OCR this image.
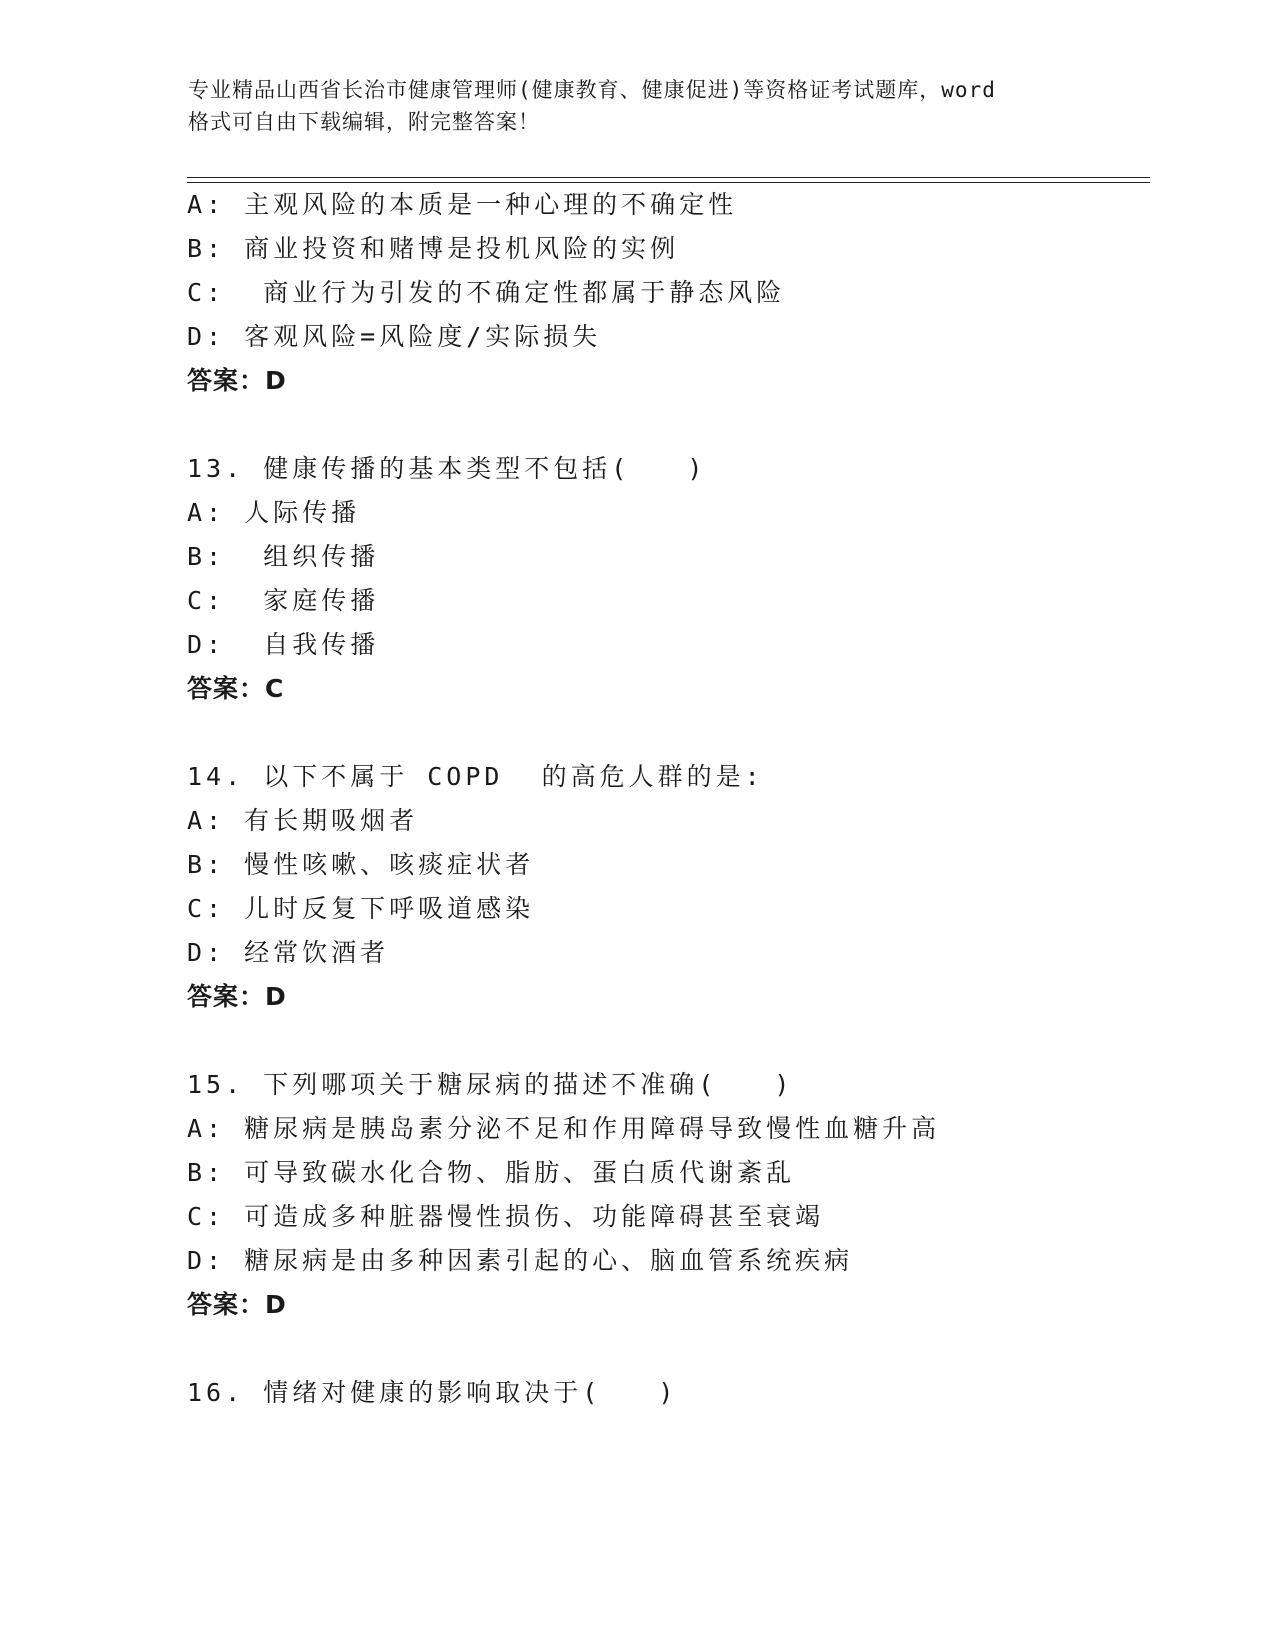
专业精品山西省长治市健康管理师(健康教育、健康促进)等资格证考试题库，word
格式可自由下载编辑，附完整答案！
A: 主观风险的本质是一种心理的不确定性
B: 商业投资和赌博是投机风险的实例
C:  商业行为引发的不确定性都属于静态风险
D: 客观风险=风险度/实际损失
答案：D
13. 健康传播的基本类型不包括(   )
A: 人际传播
B:  组织传播
C:  家庭传播
D:  自我传播
答案：C
14. 以下不属于 COPD  的高危人群的是:
A: 有长期吸烟者
B: 慢性咳嗽、咳痰症状者
C: 儿时反复下呼吸道感染
D: 经常饮酒者
答案：D
15. 下列哪项关于糖尿病的描述不准确(   )
A: 糖尿病是胰岛素分泌不足和作用障碍导致慢性血糖升高
B: 可导致碳水化合物、脂肪、蛋白质代谢紊乱
C: 可造成多种脏器慢性损伤、功能障碍甚至衰竭
D: 糖尿病是由多种因素引起的心、脑血管系统疾病
答案：D
16. 情绪对健康的影响取决于(   )
